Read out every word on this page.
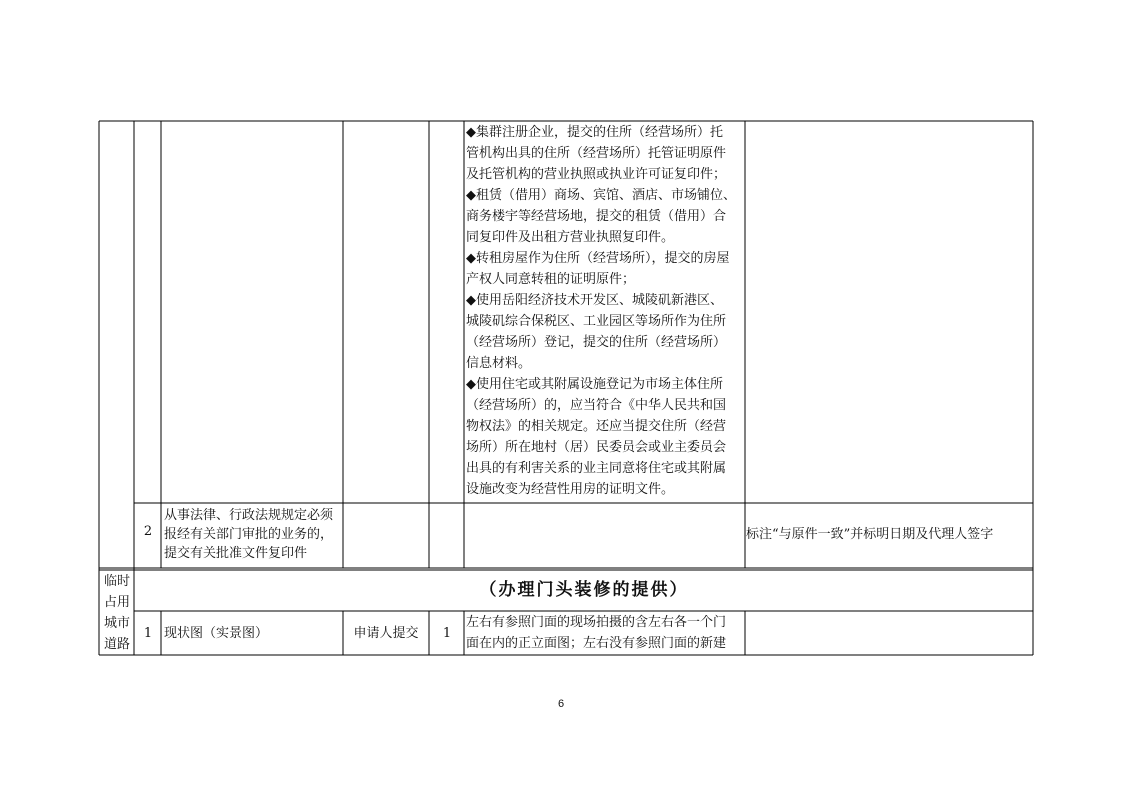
◆集群注册企业，提交的住所（经营场所）托
管机构出具的住所（经营场所）托管证明原件
及托管机构的营业执照或执业许可证复印件；
◆租赁（借用）商场、宾馆、酒店、市场铺位、
商务楼宇等经营场地，提交的租赁（借用）合
同复印件及出租方营业执照复印件。
◆转租房屋作为住所（经营场所），提交的房屋
产权人同意转租的证明原件；
◆使用岳阳经济技术开发区、城陵矶新港区、
城陵矶综合保税区、工业园区等场所作为住所
（经营场所）登记，提交的住所（经营场所）
信息材料。
◆使用住宅或其附属设施登记为市场主体住所
（经营场所）的，应当符合《中华人民共和国
物权法》的相关规定。还应当提交住所（经营
场所）所在地村（居）民委员会或业主委员会
出具的有利害关系的业主同意将住宅或其附属
设施改变为经营性用房的证明文件。
2
从事法律、行政法规规定必须
报经有关部门审批的业务的，
提交有关批准文件复印件
标注“与原件一致”并标明日期及代理人签字
临时
占用
城市
道路
（办理门头装修的提供）
1 现状图（实景图）	申请人提交	1
左右有参照门面的现场拍摄的含左右各一个门
面在内的正立面图；左右没有参照门面的新建
6
